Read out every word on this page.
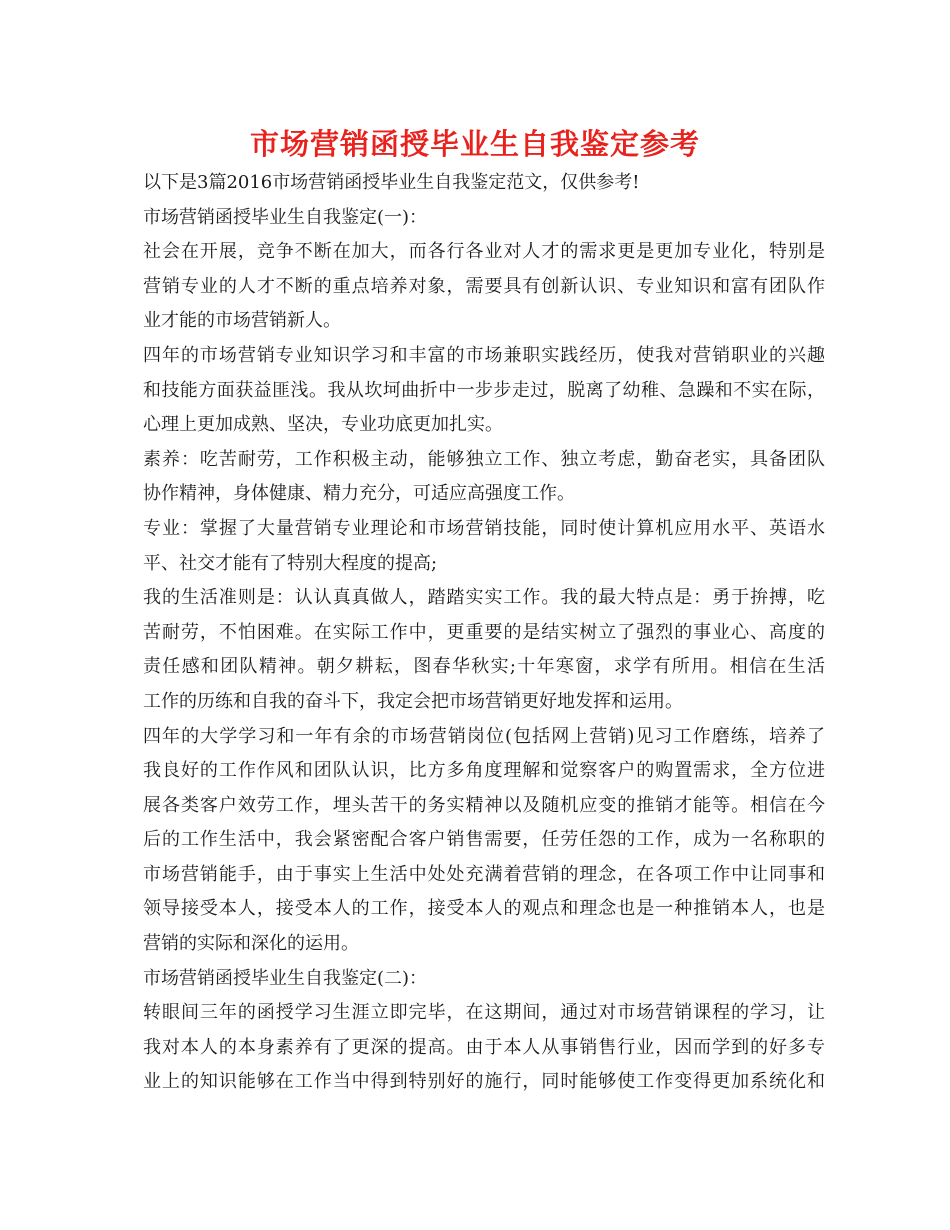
市场营销函授毕业生自我鉴定参考
以下是3篇2016市场营销函授毕业生自我鉴定范文，仅供参考!
市场营销函授毕业生自我鉴定(一)：
社会在开展，竞争不断在加大，而各行各业对人才的需求更是更加专业化，特别是
营销专业的人才不断的重点培养对象，需要具有创新认识、专业知识和富有团队作
业才能的市场营销新人。
四年的市场营销专业知识学习和丰富的市场兼职实践经历，使我对营销职业的兴趣
和技能方面获益匪浅。我从坎坷曲折中一步步走过，脱离了幼稚、急躁和不实在际，
心理上更加成熟、坚决，专业功底更加扎实。
素养：吃苦耐劳，工作积极主动，能够独立工作、独立考虑，勤奋老实，具备团队
协作精神，身体健康、精力充分，可适应高强度工作。
专业：掌握了大量营销专业理论和市场营销技能，同时使计算机应用水平、英语水
平、社交才能有了特别大程度的提高;
我的生活准则是：认认真真做人，踏踏实实工作。我的最大特点是：勇于拚搏，吃
苦耐劳，不怕困难。在实际工作中，更重要的是结实树立了强烈的事业心、高度的
责任感和团队精神。朝夕耕耘，图春华秋实;十年寒窗，求学有所用。相信在生活
工作的历练和自我的奋斗下，我定会把市场营销更好地发挥和运用。
四年的大学学习和一年有余的市场营销岗位(包括网上营销)见习工作磨练，培养了
我良好的工作作风和团队认识，比方多角度理解和觉察客户的购置需求，全方位进
展各类客户效劳工作，埋头苦干的务实精神以及随机应变的推销才能等。相信在今
后的工作生活中，我会紧密配合客户销售需要，任劳任怨的工作，成为一名称职的
市场营销能手，由于事实上生活中处处充满着营销的理念，在各项工作中让同事和
领导接受本人，接受本人的工作，接受本人的观点和理念也是一种推销本人，也是
营销的实际和深化的运用。
市场营销函授毕业生自我鉴定(二)：
转眼间三年的函授学习生涯立即完毕，在这期间，通过对市场营销课程的学习，让
我对本人的本身素养有了更深的提高。由于本人从事销售行业，因而学到的好多专
业上的知识能够在工作当中得到特别好的施行，同时能够使工作变得更加系统化和
